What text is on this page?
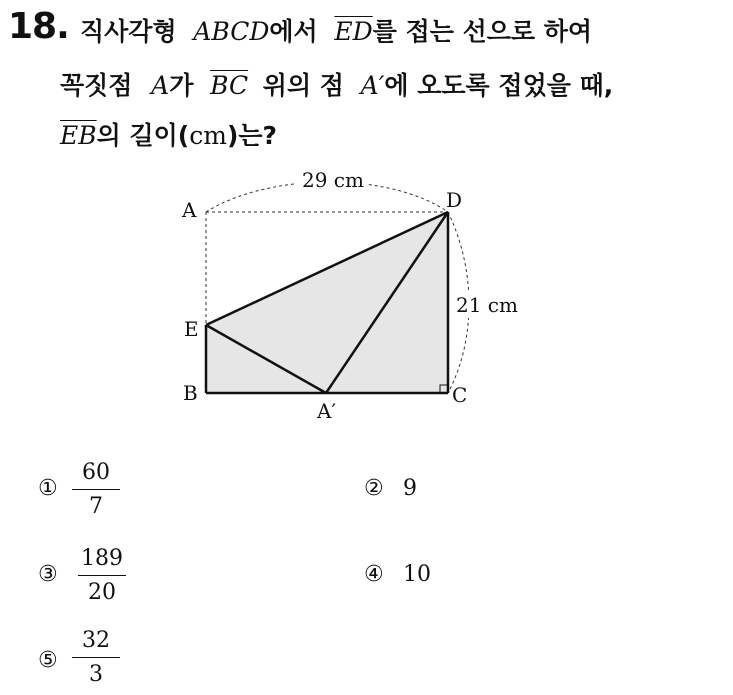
18. 직사각형 ABCD에서 $\overline{ED}$를 접는 선으로 하여
꼭짓점 A가 $\overline{BC}$ 위의 점 A′에 오도록 접었을 때,
$\overline{EB}$의 길이(cm)는?
29 cm
21 cm
A	D
E
B	C
A′
①
60
7
② 9
③
189
20
④ 10
⑤
32
3
